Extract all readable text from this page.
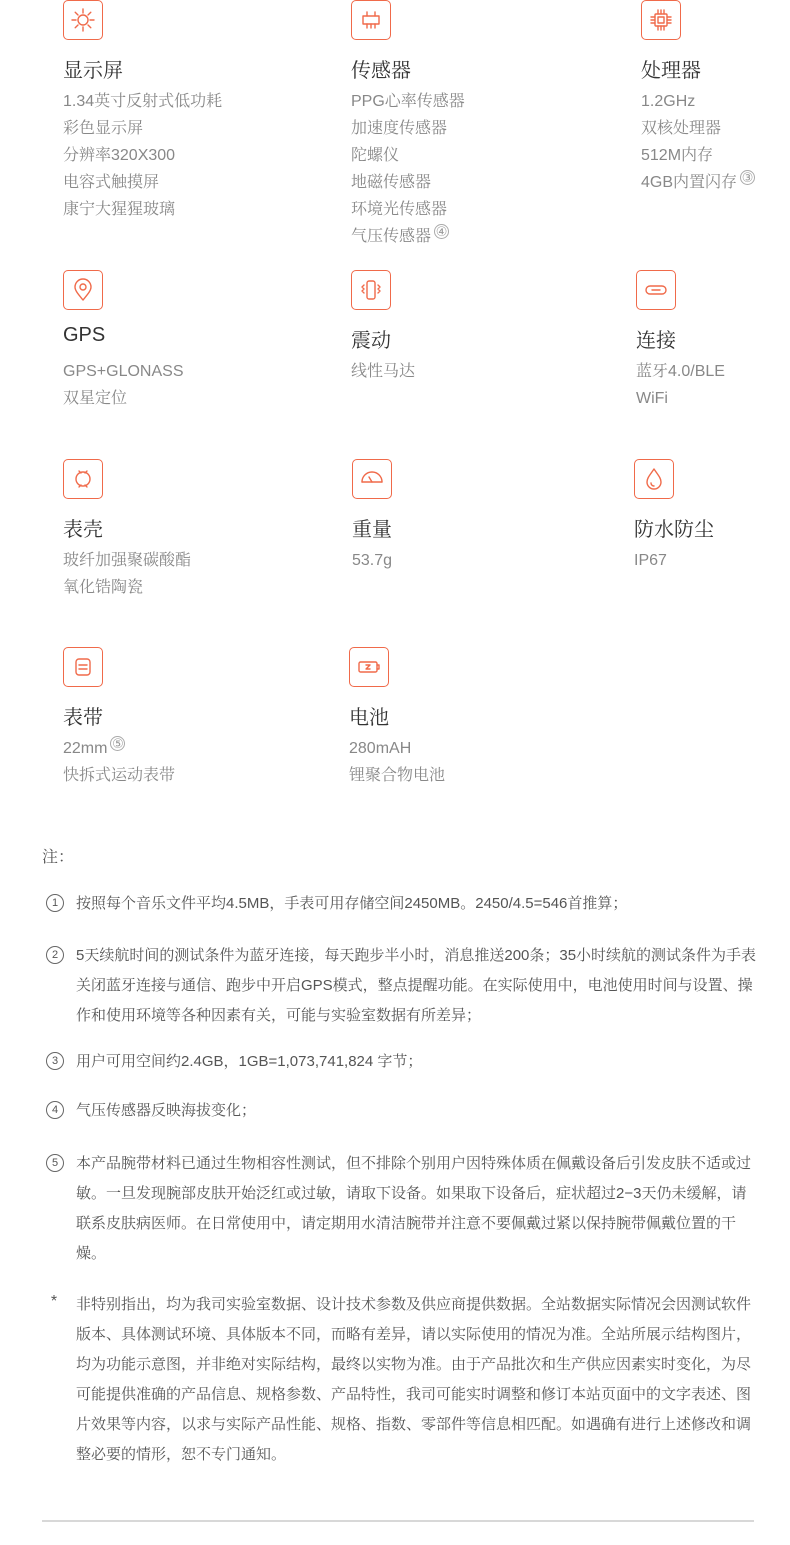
显示屏
1.34英寸反射式低功耗
彩色显示屏
分辨率320X300
电容式触摸屏
康宁大猩猩玻璃
传感器
PPG心率传感器
加速度传感器
陀螺仪
地磁传感器
环境光传感器
气压传感器 ④
处理器
1.2GHz
双核处理器
512M内存
4GB内置闪存 ③
GPS
GPS+GLONASS
双星定位
震动
线性马达
连接
蓝牙4.0/BLE
WiFi
表壳
玻纤加强聚碳酸酯
氧化锆陶瓷
重量
53.7g
防水防尘
IP67
表带
22mm ⑤
快拆式运动表带
电池
280mAH
锂聚合物电池
注：
1	按照每个音乐文件平均4.5MB，手表可用存储空间2450MB。2450/4.5=546首推算；
2	5天续航时间的测试条件为蓝牙连接，每天跑步半小时，消息推送200条；35小时续航的测试条件为手表关闭蓝牙连接与通信、跑步中开启GPS模式，整点提醒功能。在实际使用中，电池使用时间与设置、操作和使用环境等各种因素有关，可能与实验室数据有所差异；
3	用户可用空间约2.4GB，1GB=1,073,741,824 字节；
4	气压传感器反映海拔变化；
5	本产品腕带材料已通过生物相容性测试，但不排除个别用户因特殊体质在佩戴设备后引发皮肤不适或过敏。一旦发现腕部皮肤开始泛红或过敏，请取下设备。如果取下设备后，症状超过2−3天仍未缓解，请联系皮肤病医师。在日常使用中，请定期用水清洁腕带并注意不要佩戴过紧以保持腕带佩戴位置的干燥。
*	非特别指出，均为我司实验室数据、设计技术参数及供应商提供数据。全站数据实际情况会因测试软件版本、具体测试环境、具体版本不同，而略有差异，请以实际使用的情况为准。全站所展示结构图片，均为功能示意图，并非绝对实际结构，最终以实物为准。由于产品批次和生产供应因素实时变化，为尽可能提供准确的产品信息、规格参数、产品特性，我司可能实时调整和修订本站页面中的文字表述、图片效果等内容，以求与实际产品性能、规格、指数、零部件等信息相匹配。如遇确有进行上述修改和调整必要的情形，恕不专门通知。
